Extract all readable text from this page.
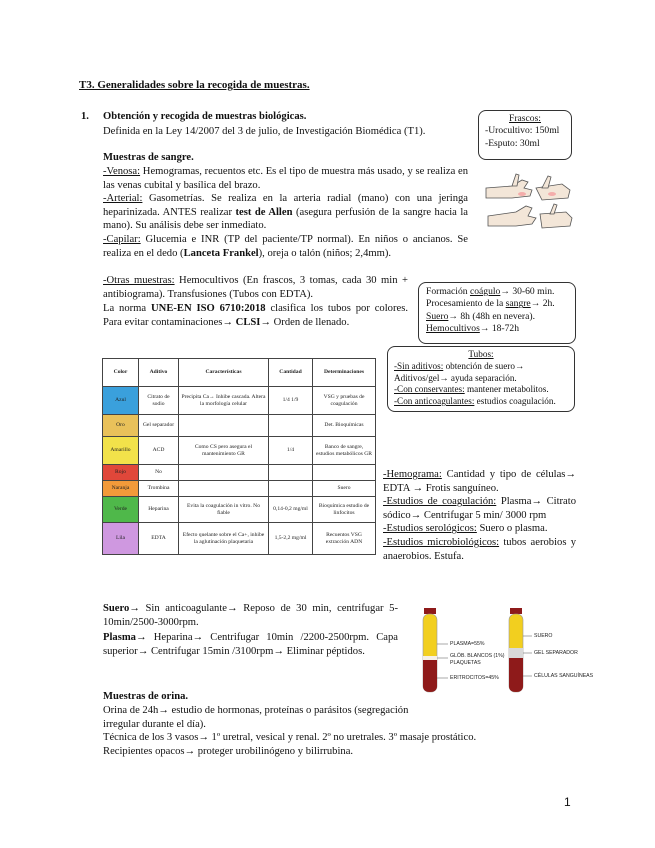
T3. Generalidades sobre la recogida de muestras.
1. Obtención y recogida de muestras biológicas.
Definida en la Ley 14/2007 del 3 de julio, de Investigación Biomédica (T1).
Frascos:
-Urocultivo: 150ml
-Esputo: 30ml
Muestras de sangre.
-Venosa: Hemogramas, recuentos etc. Es el tipo de muestra más usado, y se realiza en las venas cubital y basílica del brazo.
-Arterial: Gasometrías. Se realiza en la arteria radial (mano) con una jeringa heparinizada. ANTES realizar test de Allen (asegura perfusión de la sangre hacia la mano). Su análisis debe ser inmediato.
-Capilar: Glucemia e INR (TP del paciente/TP normal). En niños o ancianos. Se realiza en el dedo (Lanceta Frankel), oreja o talón (niños; 2,4mm).
-Otras muestras: Hemocultivos (En frascos, 3 tomas, cada 30 min + antibiograma). Transfusiones (Tubos con EDTA).
La norma UNE-EN ISO 6710:2018 clasifica los tubos por colores. Para evitar contaminaciones→ CLSI→ Orden de llenado.
Formación coágulo→ 30-60 min.
Procesamiento de la sangre→ 2h.
Suero→ 8h (48h en nevera).
Hemocultivos→ 18-72h
Tubos:
-Sin aditivos: obtención de suero→
Aditivos/gel→ ayuda separación.
-Con conservantes: mantener metabolitos.
-Con anticoagulantes: estudios coagulación.
Color	Aditivo	Características	Cantidad	Determinaciones
Azul	Citrato de sodio	Precipita Ca→ Inhibe cascada. Altera la morfología celular	1/4 1/9	VSG y pruebas de coagulación
Oro	Gel separador			Det. Bioquímicas
Amarillo	ACD	Como CS pero asegura el mantenimiento GR	1/4	Banco de sangre, estudios metabólicos GR
Rojo	No			
Naranja	Trombina			Suero
Verde	Heparina	Evita la coagulación in vitro. No fiable	0,14-0,2 mg/ml	Bioquímica estudio de linfocitos
Lila	EDTA	Efecto quelante sobre el Ca+, inhibe la aglutinación plaquetaria	1,5-2,2 mg/ml	Recuentos VSG extracción ADN
-Hemograma: Cantidad y tipo de células→ EDTA → Frotis sanguíneo.
-Estudios de coagulación: Plasma→ Citrato sódico→ Centrifugar 5 min/ 3000 rpm
-Estudios serológicos: Suero o plasma.
-Estudios microbiológicos: tubos aerobios y anaerobios. Estufa.
Suero→ Sin anticoagulante→ Reposo de 30 min, centrifugar 5-10min/2500-3000rpm.
Plasma→ Heparina→ Centrifugar 10min /2200-2500rpm. Capa superior→ Centrifugar 15min /3100rpm→ Eliminar péptidos.
PLASMA=55%
GLÓB. BLANCOS (1%)
PLAQUETAS
ERITROCITOS=45%
SUERO
GEL SEPARADOR
CÉLULAS SANGUÍNEAS
Muestras de orina.
Orina de 24h→ estudio de hormonas, proteínas o parásitos (segregación irregular durante el día).
Técnica de los 3 vasos→ 1º uretral, vesical y renal. 2º no uretrales. 3º masaje prostático.
Recipientes opacos→ proteger urobilinógeno y bilirrubina.
1
